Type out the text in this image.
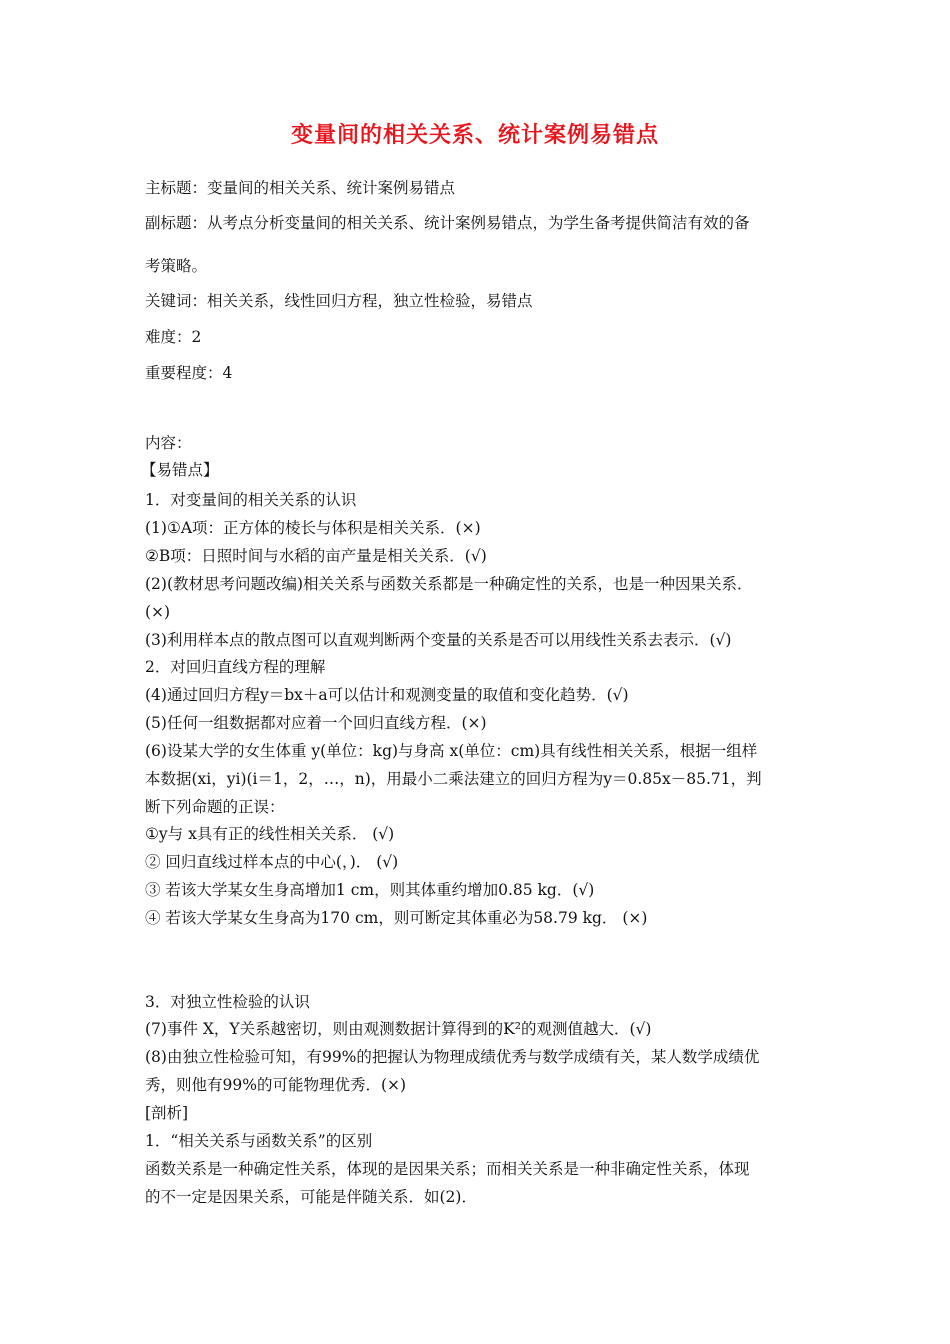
变量间的相关关系、统计案例易错点
主标题：变量间的相关关系、统计案例易错点
副标题：从考点分析变量间的相关关系、统计案例易错点，为学生备考提供简洁有效的备
考策略。
关键词：相关关系，线性回归方程，独立性检验，易错点
难度：2
重要程度：4
内容：
【易错点】
1．对变量间的相关关系的认识
(1)①A项：正方体的棱长与体积是相关关系．(×)
②B项：日照时间与水稻的亩产量是相关关系．(√)
(2)(教材思考问题改编)相关关系与函数关系都是一种确定性的关系，也是一种因果关系．
(×)
(3)利用样本点的散点图可以直观判断两个变量的关系是否可以用线性关系去表示．(√)
2．对回归直线方程的理解
(4)通过回归方程y＝bx＋a可以估计和观测变量的取值和变化趋势．(√)
(5)任何一组数据都对应着一个回归直线方程．(×)
(6)设某大学的女生体重 y(单位：kg)与身高 x(单位：cm)具有线性相关关系，根据一组样
本数据(xi，yi)(i＝1，2，…，n)，用最小二乘法建立的回归方程为y＝0.85x－85.71，判
断下列命题的正误：
①y与 x具有正的线性相关关系． (√)
② 回归直线过样本点的中心(，)． (√)
③ 若该大学某女生身高增加1 cm，则其体重约增加0.85 kg．(√)
④ 若该大学某女生身高为170 cm，则可断定其体重必为58.79 kg． (×)
3．对独立性检验的认识
(7)事件 X，Y关系越密切，则由观测数据计算得到的K²的观测值越大．(√)
(8)由独立性检验可知，有99%的把握认为物理成绩优秀与数学成绩有关，某人数学成绩优
秀，则他有99%的可能物理优秀．(×)
[剖析]
1．“相关关系与函数关系”的区别
函数关系是一种确定性关系，体现的是因果关系；而相关关系是一种非确定性关系，体现
的不一定是因果关系，可能是伴随关系．如(2)．
